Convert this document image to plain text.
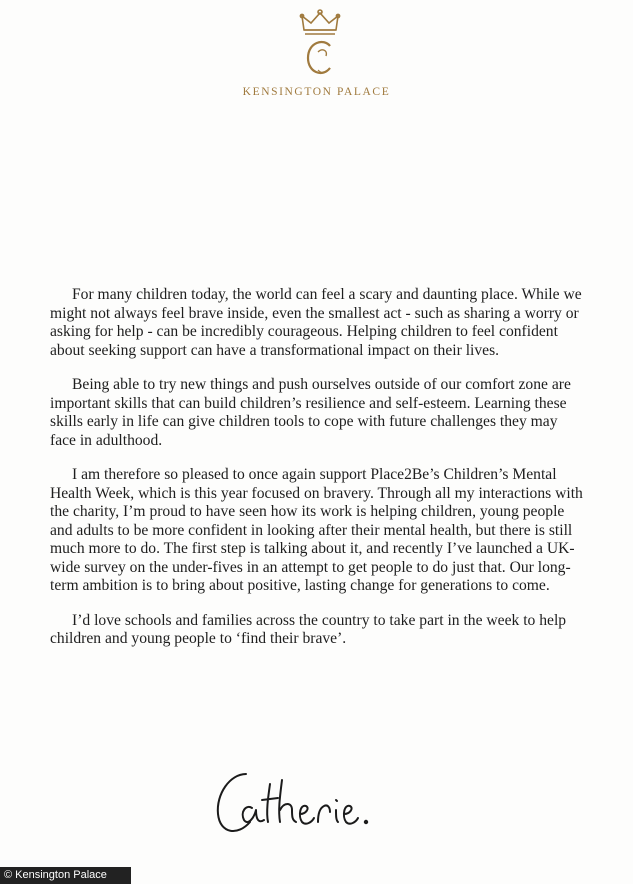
KENSINGTON PALACE

For many children today, the world can feel a scary and daunting place. While we might not always feel brave inside, even the smallest act - such as sharing a worry or asking for help - can be incredibly courageous. Helping children to feel confident about seeking support can have a transformational impact on their lives.

Being able to try new things and push ourselves outside of our comfort zone are important skills that can build children’s resilience and self-esteem. Learning these skills early in life can give children tools to cope with future challenges they may face in adulthood.

I am therefore so pleased to once again support Place2Be’s Children’s Mental Health Week, which is this year focused on bravery. Through all my interactions with the charity, I’m proud to have seen how its work is helping children, young people and adults to be more confident in looking after their mental health, but there is still much more to do. The first step is talking about it, and recently I’ve launched a UK-wide survey on the under-fives in an attempt to get people to do just that. Our long-term ambition is to bring about positive, lasting change for generations to come.

I’d love schools and families across the country to take part in the week to help children and young people to ‘find their brave’.

© Kensington Palace
